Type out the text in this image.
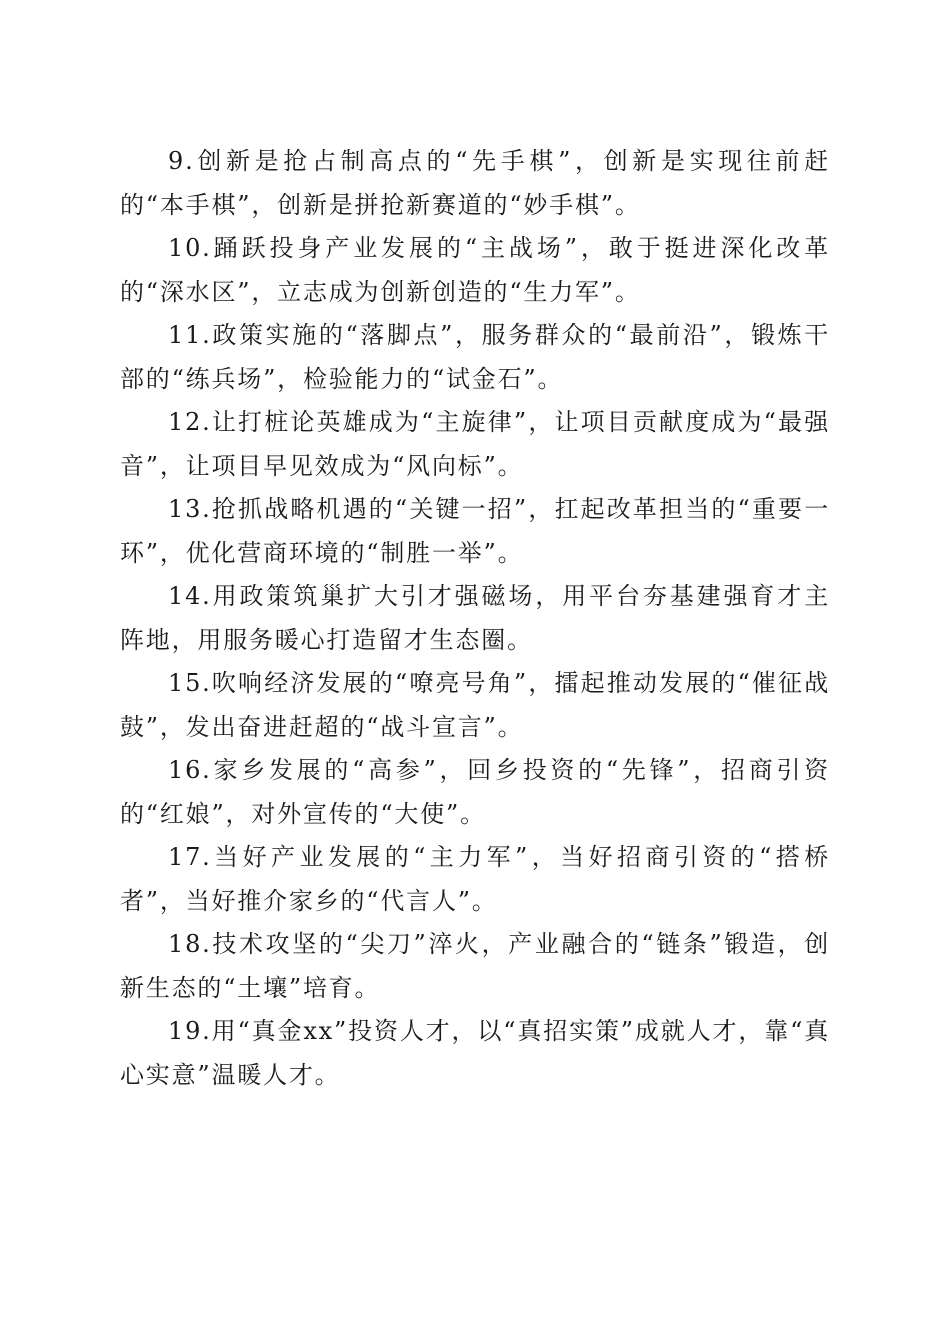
9.创新是抢占制高点的“先手棋”，创新是实现往前赶的“本手棋”，创新是拼抢新赛道的“妙手棋”。

10.踊跃投身产业发展的“主战场”，敢于挺进深化改革的“深水区”，立志成为创新创造的“生力军”。

11.政策实施的“落脚点”，服务群众的“最前沿”，锻炼干部的“练兵场”，检验能力的“试金石”。

12.让打桩论英雄成为“主旋律”，让项目贡献度成为“最强音”，让项目早见效成为“风向标”。

13.抢抓战略机遇的“关键一招”，扛起改革担当的“重要一环”，优化营商环境的“制胜一举”。

14.用政策筑巢扩大引才强磁场，用平台夯基建强育才主阵地，用服务暖心打造留才生态圈。

15.吹响经济发展的“嘹亮号角”，擂起推动发展的“催征战鼓”，发出奋进赶超的“战斗宣言”。

16.家乡发展的“高参”，回乡投资的“先锋”，招商引资的“红娘”，对外宣传的“大使”。

17.当好产业发展的“主力军”，当好招商引资的“搭桥者”，当好推介家乡的“代言人”。

18.技术攻坚的“尖刀”淬火，产业融合的“链条”锻造，创新生态的“土壤”培育。

19.用“真金xx”投资人才，以“真招实策”成就人才，靠“真心实意”温暖人才。
